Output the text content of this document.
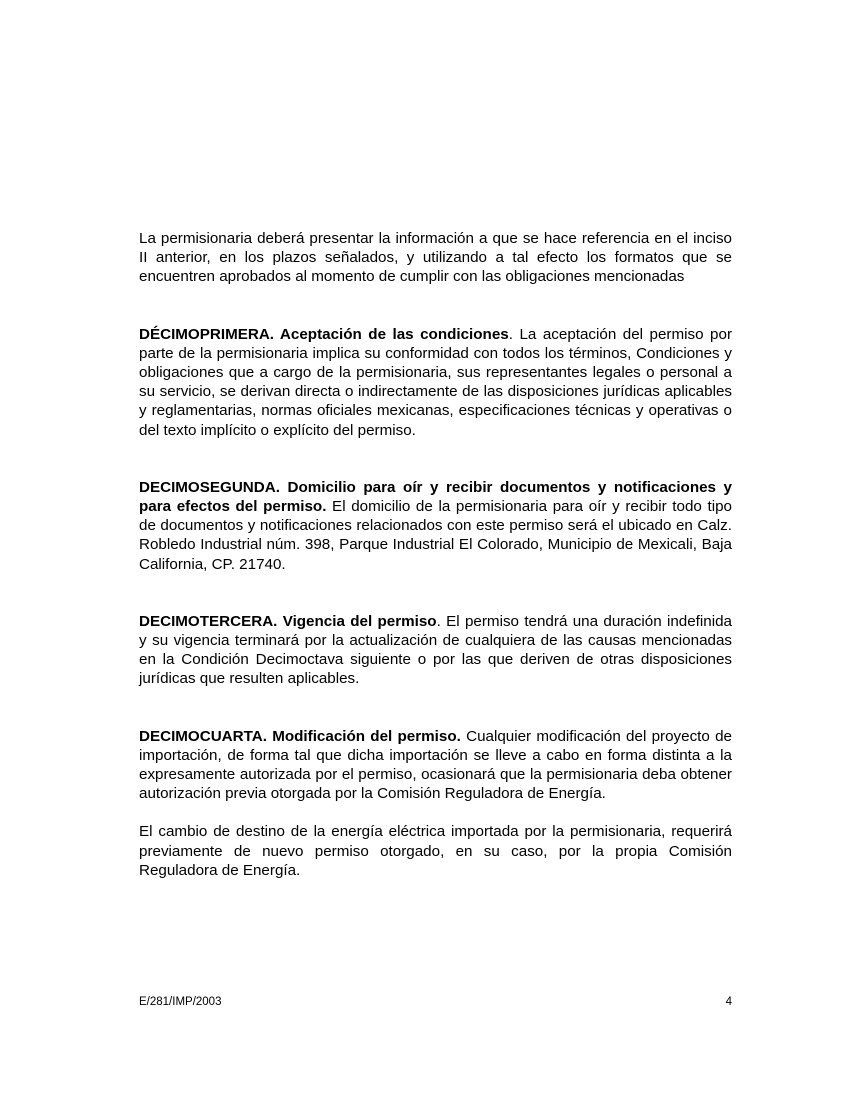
La permisionaria deberá presentar la información a que se hace referencia en el inciso II anterior, en los plazos señalados, y utilizando a tal efecto los formatos que se encuentren aprobados al momento de cumplir con las obligaciones mencionadas

DÉCIMOPRIMERA. Aceptación de las condiciones. La aceptación del permiso por parte de la permisionaria implica su conformidad con todos los términos, Condiciones y obligaciones que a cargo de la permisionaria, sus representantes legales o personal a su servicio, se derivan directa o indirectamente de las disposiciones jurídicas aplicables y reglamentarias, normas oficiales mexicanas, especificaciones técnicas y operativas o del texto implícito o explícito del permiso.

DECIMOSEGUNDA. Domicilio para oír y recibir documentos y notificaciones y para efectos del permiso. El domicilio de la permisionaria para oír y recibir todo tipo de documentos y notificaciones relacionados con este permiso será el ubicado en Calz. Robledo Industrial núm. 398, Parque Industrial El Colorado, Municipio de Mexicali, Baja California, CP. 21740.

DECIMOTERCERA. Vigencia del permiso. El permiso tendrá una duración indefinida y su vigencia terminará por la actualización de cualquiera de las causas mencionadas en la Condición Decimoctava siguiente o por las que deriven de otras disposiciones jurídicas que resulten aplicables.

DECIMOCUARTA. Modificación del permiso. Cualquier modificación del proyecto de importación, de forma tal que dicha importación se lleve a cabo en forma distinta a la expresamente autorizada por el permiso, ocasionará que la permisionaria deba obtener autorización previa otorgada por la Comisión Reguladora de Energía.

El cambio de destino de la energía eléctrica importada por la permisionaria, requerirá previamente de nuevo permiso otorgado, en su caso, por la propia Comisión Reguladora de Energía.

E/281/IMP/2003	4
